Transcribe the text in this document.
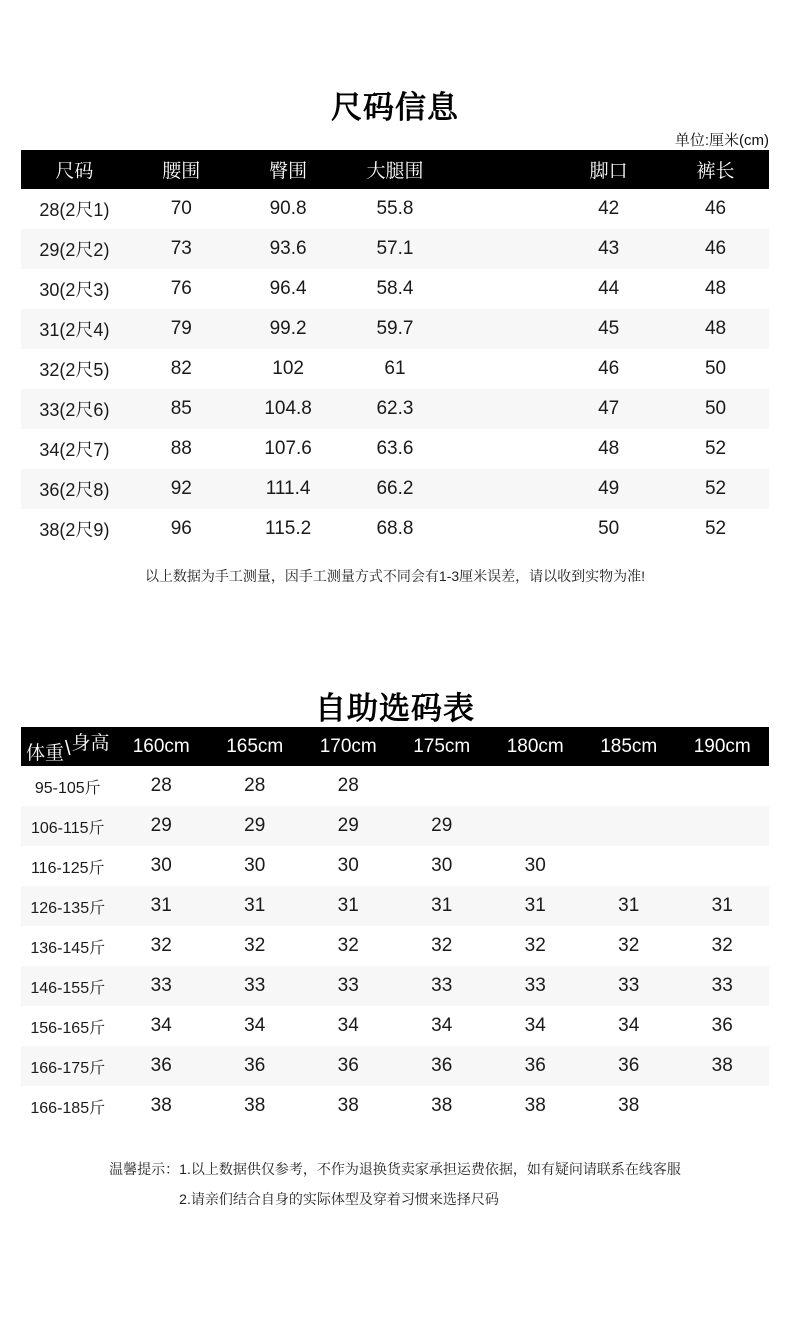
尺码信息
单位:厘米(cm)
尺码	腰围	臀围	大腿围		脚口	裤长
28(2尺1)	70	90.8	55.8		42	46
29(2尺2)	73	93.6	57.1		43	46
30(2尺3)	76	96.4	58.4		44	48
31(2尺4)	79	99.2	59.7		45	48
32(2尺5)	82	102	61		46	50
33(2尺6)	85	104.8	62.3		47	50
34(2尺7)	88	107.6	63.6		48	52
36(2尺8)	92	111.4	66.2		49	52
38(2尺9)	96	115.2	68.8		50	52

以上数据为手工测量，因手工测量方式不同会有1-3厘米误差，请以收到实物为准!

自助选码表
体重\身高	160cm	165cm	170cm	175cm	180cm	185cm	190cm
95-105斤	28	28	28				
106-115斤	29	29	29	29			
116-125斤	30	30	30	30	30		
126-135斤	31	31	31	31	31	31	31
136-145斤	32	32	32	32	32	32	32
146-155斤	33	33	33	33	33	33	33
156-165斤	34	34	34	34	34	34	36
166-175斤	36	36	36	36	36	36	38
166-185斤	38	38	38	38	38	38	

温馨提示：1.以上数据供仅参考，不作为退换货卖家承担运费依据，如有疑问请联系在线客服

2.请亲们结合自身的实际体型及穿着习惯来选择尺码
